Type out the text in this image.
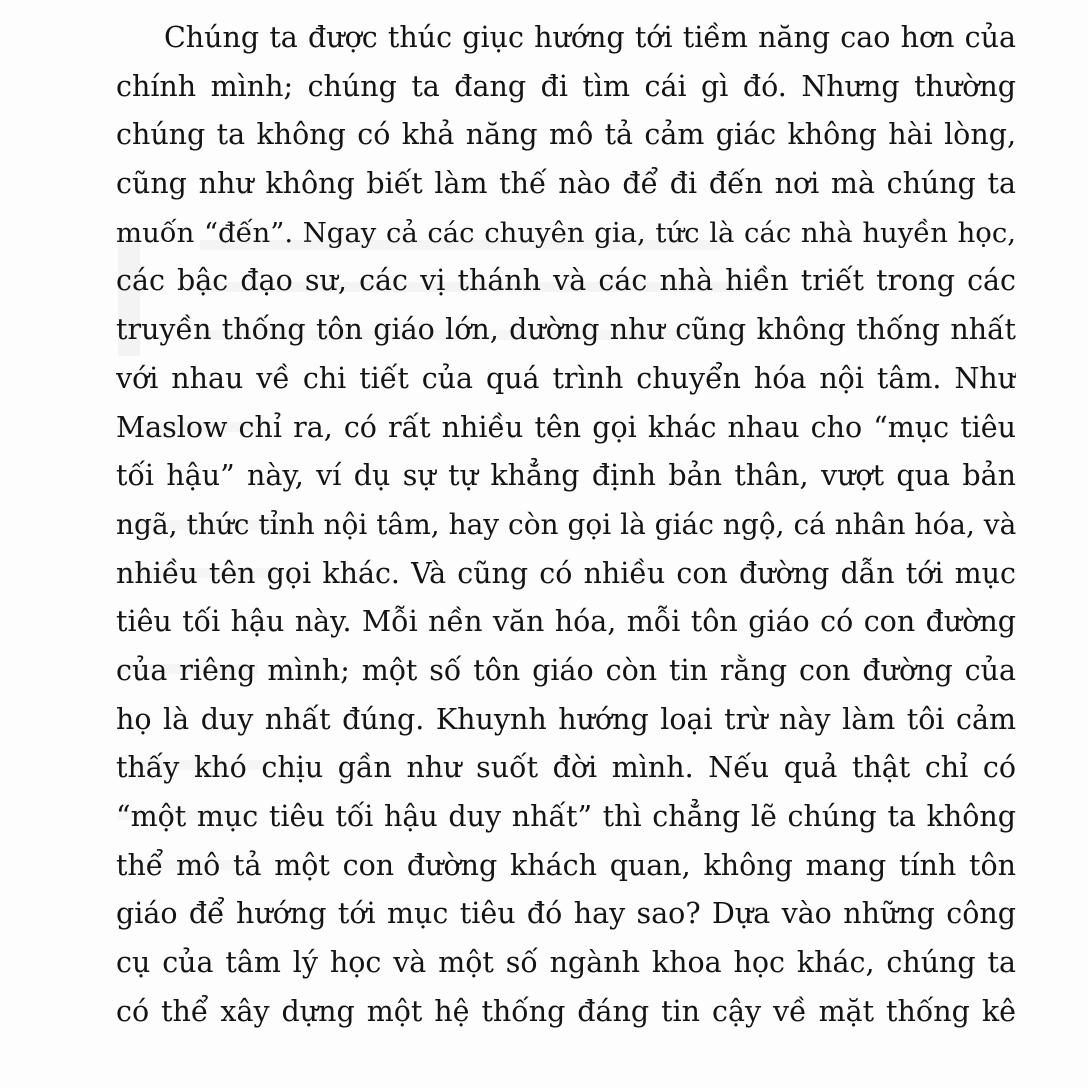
Chúng ta được thúc giục hướng tới tiềm năng cao hơn của
chính mình; chúng ta đang đi tìm cái gì đó. Nhưng thường
chúng ta không có khả năng mô tả cảm giác không hài lòng,
cũng như không biết làm thế nào để đi đến nơi mà chúng ta
muốn “đến”. Ngay cả các chuyên gia, tức là các nhà huyền học,
các bậc đạo sư, các vị thánh và các nhà hiền triết trong các
truyền thống tôn giáo lớn, dường như cũng không thống nhất
với nhau về chi tiết của quá trình chuyển hóa nội tâm. Như
Maslow chỉ ra, có rất nhiều tên gọi khác nhau cho “mục tiêu
tối hậu” này, ví dụ sự tự khẳng định bản thân, vượt qua bản
ngã, thức tỉnh nội tâm, hay còn gọi là giác ngộ, cá nhân hóa, và
nhiều tên gọi khác. Và cũng có nhiều con đường dẫn tới mục
tiêu tối hậu này. Mỗi nền văn hóa, mỗi tôn giáo có con đường
của riêng mình; một số tôn giáo còn tin rằng con đường của
họ là duy nhất đúng. Khuynh hướng loại trừ này làm tôi cảm
thấy khó chịu gần như suốt đời mình. Nếu quả thật chỉ có
“một mục tiêu tối hậu duy nhất” thì chẳng lẽ chúng ta không
thể mô tả một con đường khách quan, không mang tính tôn
giáo để hướng tới mục tiêu đó hay sao? Dựa vào những công
cụ của tâm lý học và một số ngành khoa học khác, chúng ta
có thể xây dựng một hệ thống đáng tin cậy về mặt thống kê
